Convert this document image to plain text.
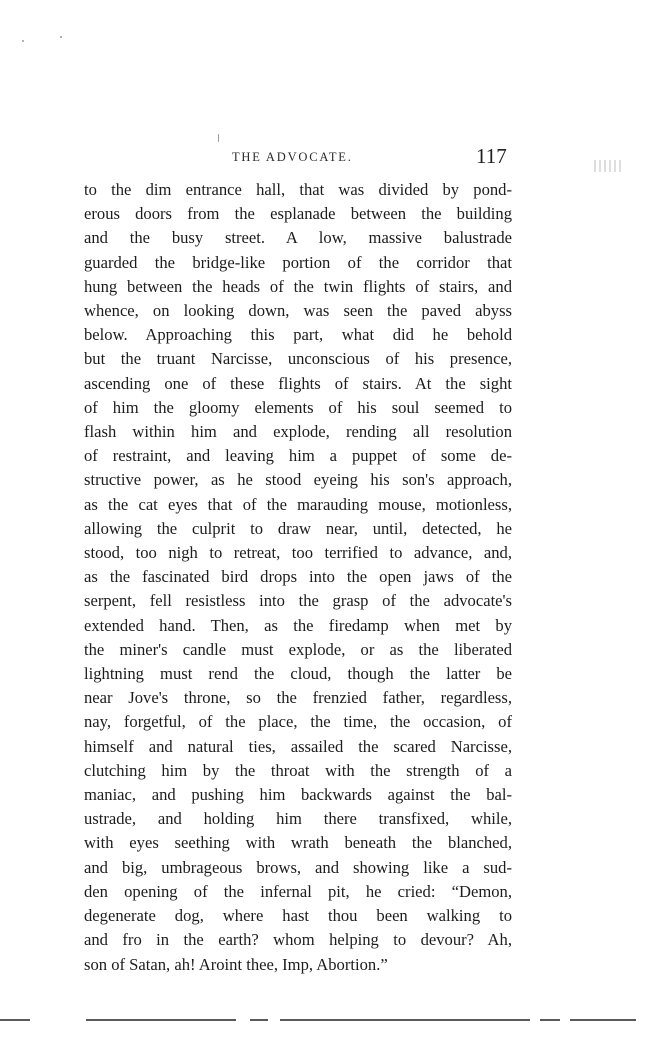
THE ADVOCATE.	117
to the dim entrance hall, that was divided by pond-
erous doors from the esplanade between the building
and the busy street. A low, massive balustrade
guarded the bridge-like portion of the corridor that
hung between the heads of the twin flights of stairs, and
whence, on looking down, was seen the paved abyss
below. Approaching this part, what did he behold
but the truant Narcisse, unconscious of his presence,
ascending one of these flights of stairs. At the sight
of him the gloomy elements of his soul seemed to
flash within him and explode, rending all resolution
of restraint, and leaving him a puppet of some de-
structive power, as he stood eyeing his son's approach,
as the cat eyes that of the marauding mouse, motionless,
allowing the culprit to draw near, until, detected, he
stood, too nigh to retreat, too terrified to advance, and,
as the fascinated bird drops into the open jaws of the
serpent, fell resistless into the grasp of the advocate's
extended hand. Then, as the firedamp when met by
the miner's candle must explode, or as the liberated
lightning must rend the cloud, though the latter be
near Jove's throne, so the frenzied father, regardless,
nay, forgetful, of the place, the time, the occasion, of
himself and natural ties, assailed the scared Narcisse,
clutching him by the throat with the strength of a
maniac, and pushing him backwards against the bal-
ustrade, and holding him there transfixed, while,
with eyes seething with wrath beneath the blanched,
and big, umbrageous brows, and showing like a sud-
den opening of the infernal pit, he cried: “Demon,
degenerate dog, where hast thou been walking to
and fro in the earth? whom helping to devour? Ah,
son of Satan, ah! Aroint thee, Imp, Abortion.”
